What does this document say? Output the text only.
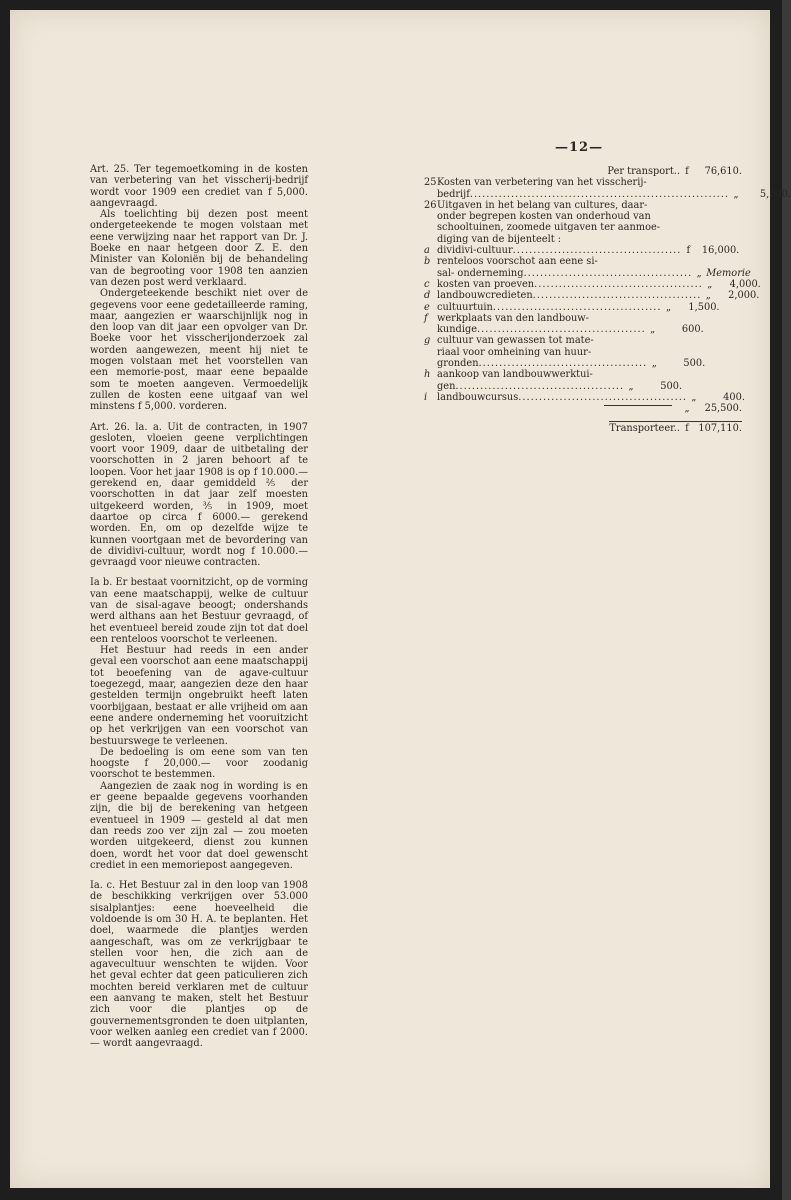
—12—

Art. 25. Ter tegemoetkoming in de kosten van verbetering van het visscherij-bedrijf wordt voor 1909 een crediet van f 5,000. aangevraagd.

Als toelichting bij dezen post meent ondergeteekende te mogen volstaan met eene verwijzing naar het rapport van Dr. J. Boeke en naar hetgeen door Z. E. den Minister van Koloniën bij de behandeling van de begrooting voor 1908 ten aanzien van dezen post werd verklaard.

Ondergeteekende beschikt niet over de gegevens voor eene gedetailleerde raming, maar, aangezien er waarschijnlijk nog in den loop van dit jaar een opvolger van Dr. Boeke voor het visscherijonderzoek zal worden aangewezen, meent hij niet te mogen volstaan met het voorstellen van een memorie-post, maar eene bepaalde som te moeten aangeven. Vermoedelijk zullen de kosten eene uitgaaf van wel minstens f 5,000. vorderen.

Art. 26. la. a. Uit de contracten, in 1907 gesloten, vloeien geene verplichtingen voort voor 1909, daar de uitbetaling der voorschotten in 2 jaren behoort af te loopen. Voor het jaar 1908 is op f 10.000.— gerekend en, daar gemiddeld ⅖ der voorschotten in dat jaar zelf moesten uitgekeerd worden, ⅗ in 1909, moet daartoe op circa f 6000.— gerekend worden. En, om op dezelfde wijze te kunnen voortgaan met de bevordering van de dividivi-cultuur, wordt nog f 10.000.— gevraagd voor nieuwe contracten.

Ia b. Er bestaat voornitzicht, op de vorming van eene maatschappij, welke de cultuur van de sisal-agave beoogt; ondershands werd althans aan het Bestuur gevraagd, of het eventueel bereid zoude zijn tot dat doel een renteloos voorschot te verleenen.

Het Bestuur had reeds in een ander geval een voorschot aan eene maatschappij tot beoefening van de agave-cultuur toegezegd, maar, aangezien deze den haar gestelden termijn ongebruikt heeft laten voorbijgaan, bestaat er alle vrijheid om aan eene andere onderneming het vooruitzicht op het verkrijgen van een voorschot van bestuurswege te verleenen.

De bedoeling is om eene som van ten hoogste f 20,000.— voor zoodanig voorschot te bestemmen.

Aangezien de zaak nog in wording is en er geene bepaalde gegevens voorhanden zijn, die bij de berekening van hetgeen eventueel in 1909 — gesteld al dat men dan reeds zoo ver zijn zal — zou moeten worden uitgekeerd, dienst zou kunnen doen, wordt het voor dat doel gewenscht crediet in een memoriepost aangegeven.

Ia. c. Het Bestuur zal in den loop van 1908 de beschikking verkrijgen over 53.000 sisalplantjes: eene hoeveelheid die voldoende is om 30 H. A. te beplanten. Het doel, waarmede die plantjes werden aangeschaft, was om ze verkrijgbaar te stellen voor hen, die zich aan de agavecultuur wenschten te wijden. Voor het geval echter dat geen paticulieren zich mochten bereid verklaren met de cultuur een aanvang te maken, stelt het Bestuur zich voor die plantjes op de gouvernementsgronden te doen uitplanten, voor welken aanleg een crediet van f 2000.— wordt aangevraagd.

Per transport.. f	76,610.
25 Kosten van verbetering van het visscherij-
bedrijf ............................................................... „	5,000.
26 Uitgaven in het belang van cultures, daar-
onder begrepen kosten van onderhoud van
schooltuinen, zoomede uitgaven ter aanmoe-
diging van de bijenteelt :
a dividivi-cultuur ......................................... f	16,000.
b renteloos voorschot aan eene si-
sal- onderneming ......................................... „ Memorie
c kosten van proeven ......................................... „	4,000.
d landbouwcredieten ......................................... „	2,000.
e cultuurtuin ......................................... „	1,500.
f werkplaats van den landbouw-
kundige ......................................... „	600.
g cultuur van gewassen tot mate-
riaal voor omheining van huur-
gronden ......................................... „	500.
h aankoop van landbouwwerktui-
gen ......................................... „	500.
i	landbouwcursus ......................................... „	400.
„	25,500.
Transporteer.. f 107,110.
